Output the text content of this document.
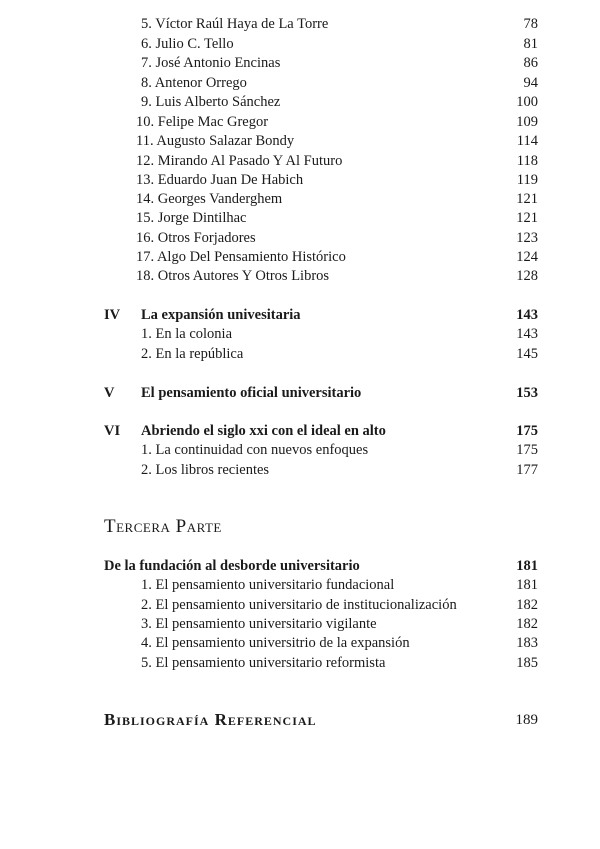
5. Víctor Raúl Haya de La Torre	78
6. Julio C. Tello	81
7. José Antonio Encinas	86
8. Antenor Orrego	94
9. Luis Alberto Sánchez	100
10. Felipe Mac Gregor	109
11. Augusto Salazar Bondy	114
12. Mirando Al Pasado Y Al Futuro	118
13. Eduardo Juan De Habich	119
14. Georges Vanderghem	121
15. Jorge Dintilhac	121
16. Otros Forjadores	123
17. Algo Del Pensamiento Histórico	124
18. Otros Autores Y Otros Libros	128
IV La expansión univesitaria	143
1. En la colonia	143
2. En la república	145
V El pensamiento oficial universitario	153
VI Abriendo el siglo xxi con el ideal en alto	175
1. La continuidad con nuevos enfoques	175
2. Los libros recientes	177
Tercera Parte
De la fundación al desborde universitario	181
1. El pensamiento universitario fundacional	181
2. El pensamiento universitario de institucionalización	182
3. El pensamiento universitario vigilante	182
4. El pensamiento universitrio de la expansión	183
5. El pensamiento universitario reformista	185
Bibliografía Referencial	189
